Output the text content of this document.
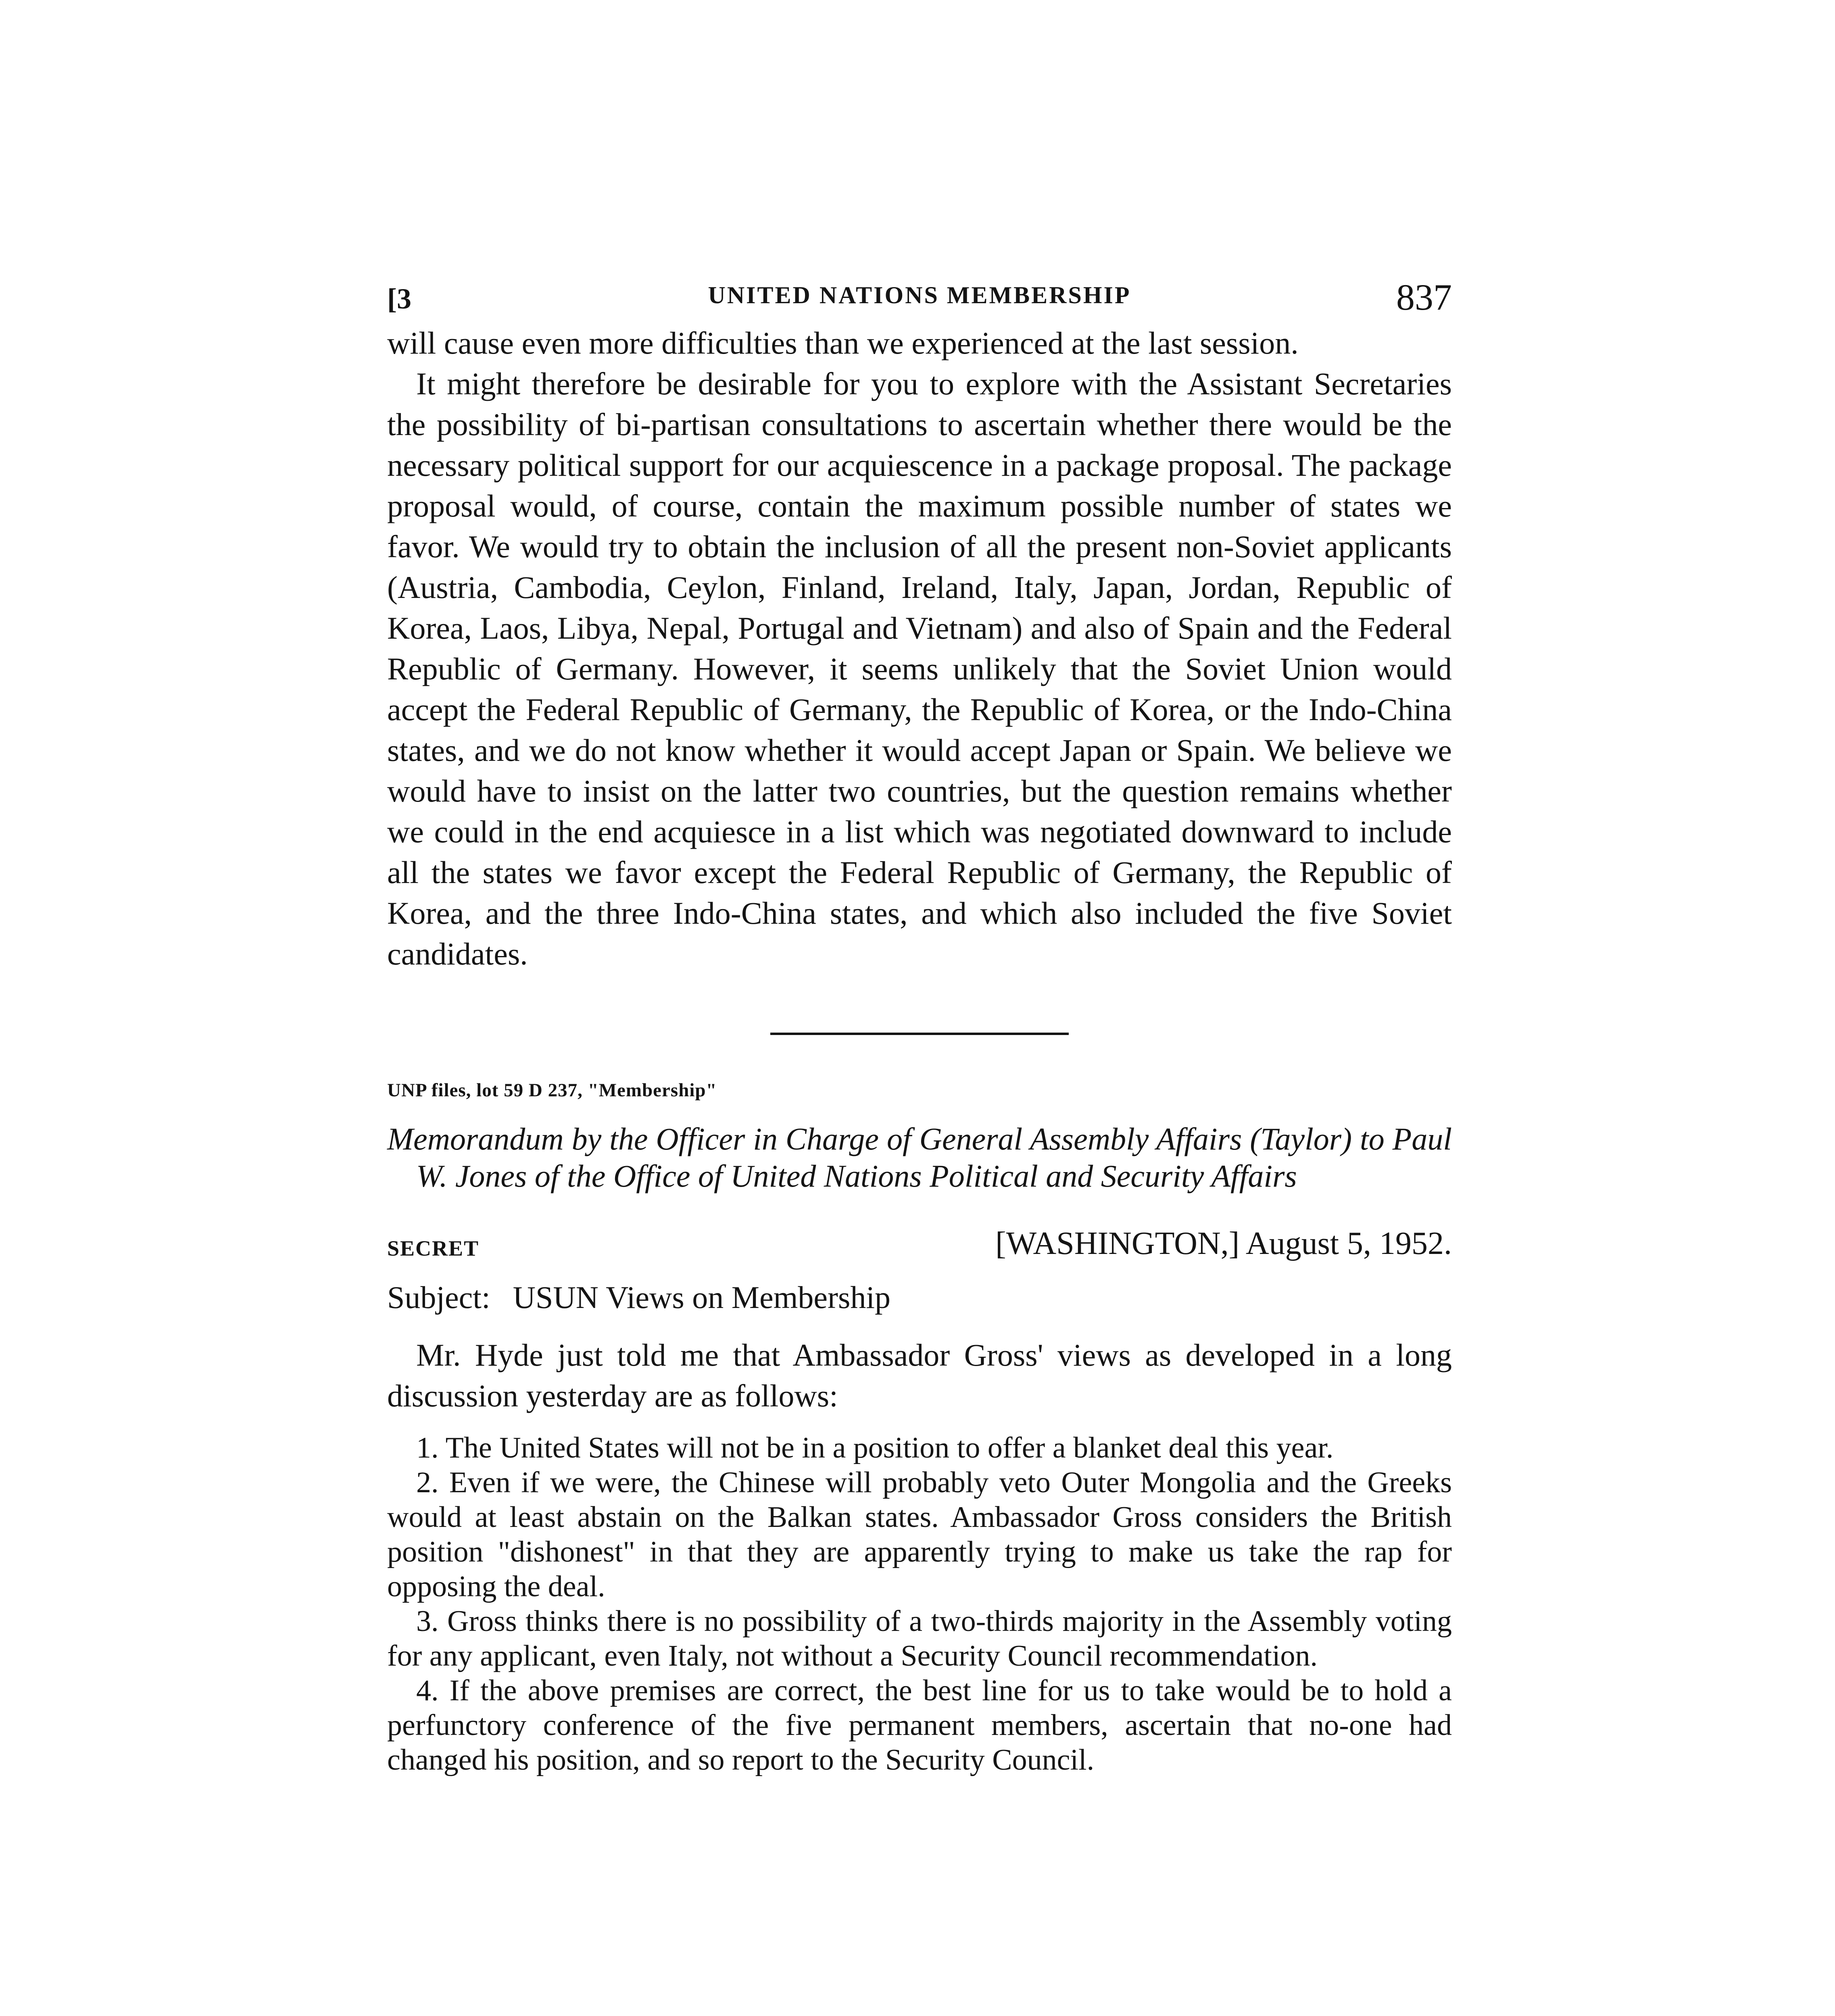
[3	UNITED NATIONS MEMBERSHIP	837

will cause even more difficulties than we experienced at the last session.

It might therefore be desirable for you to explore with the Assistant Secretaries the possibility of bi-partisan consultations to ascertain whether there would be the necessary political support for our acquiescence in a package proposal. The package proposal would, of course, contain the maximum possible number of states we favor. We would try to obtain the inclusion of all the present non-Soviet applicants (Austria, Cambodia, Ceylon, Finland, Ireland, Italy, Japan, Jordan, Republic of Korea, Laos, Libya, Nepal, Portugal and Vietnam) and also of Spain and the Federal Republic of Germany. However, it seems unlikely that the Soviet Union would accept the Federal Republic of Germany, the Republic of Korea, or the Indo-China states, and we do not know whether it would accept Japan or Spain. We believe we would have to insist on the latter two countries, but the question remains whether we could in the end acquiesce in a list which was negotiated downward to include all the states we favor except the Federal Republic of Germany, the Republic of Korea, and the three Indo-China states, and which also included the five Soviet candidates.

UNP files, lot 59 D 237, "Membership"
Memorandum by the Officer in Charge of General Assembly Affairs (Taylor) to Paul W. Jones of the Office of United Nations Political and Security Affairs
SECRET	[WASHINGTON,] August 5, 1952.
Subject: USUN Views on Membership

Mr. Hyde just told me that Ambassador Gross' views as developed in a long discussion yesterday are as follows:

1. The United States will not be in a position to offer a blanket deal this year.

2. Even if we were, the Chinese will probably veto Outer Mongolia and the Greeks would at least abstain on the Balkan states. Ambassador Gross considers the British position "dishonest" in that they are apparently trying to make us take the rap for opposing the deal.

3. Gross thinks there is no possibility of a two-thirds majority in the Assembly voting for any applicant, even Italy, not without a Security Council recommendation.

4. If the above premises are correct, the best line for us to take would be to hold a perfunctory conference of the five permanent members, ascertain that no-one had changed his position, and so report to the Security Council.
